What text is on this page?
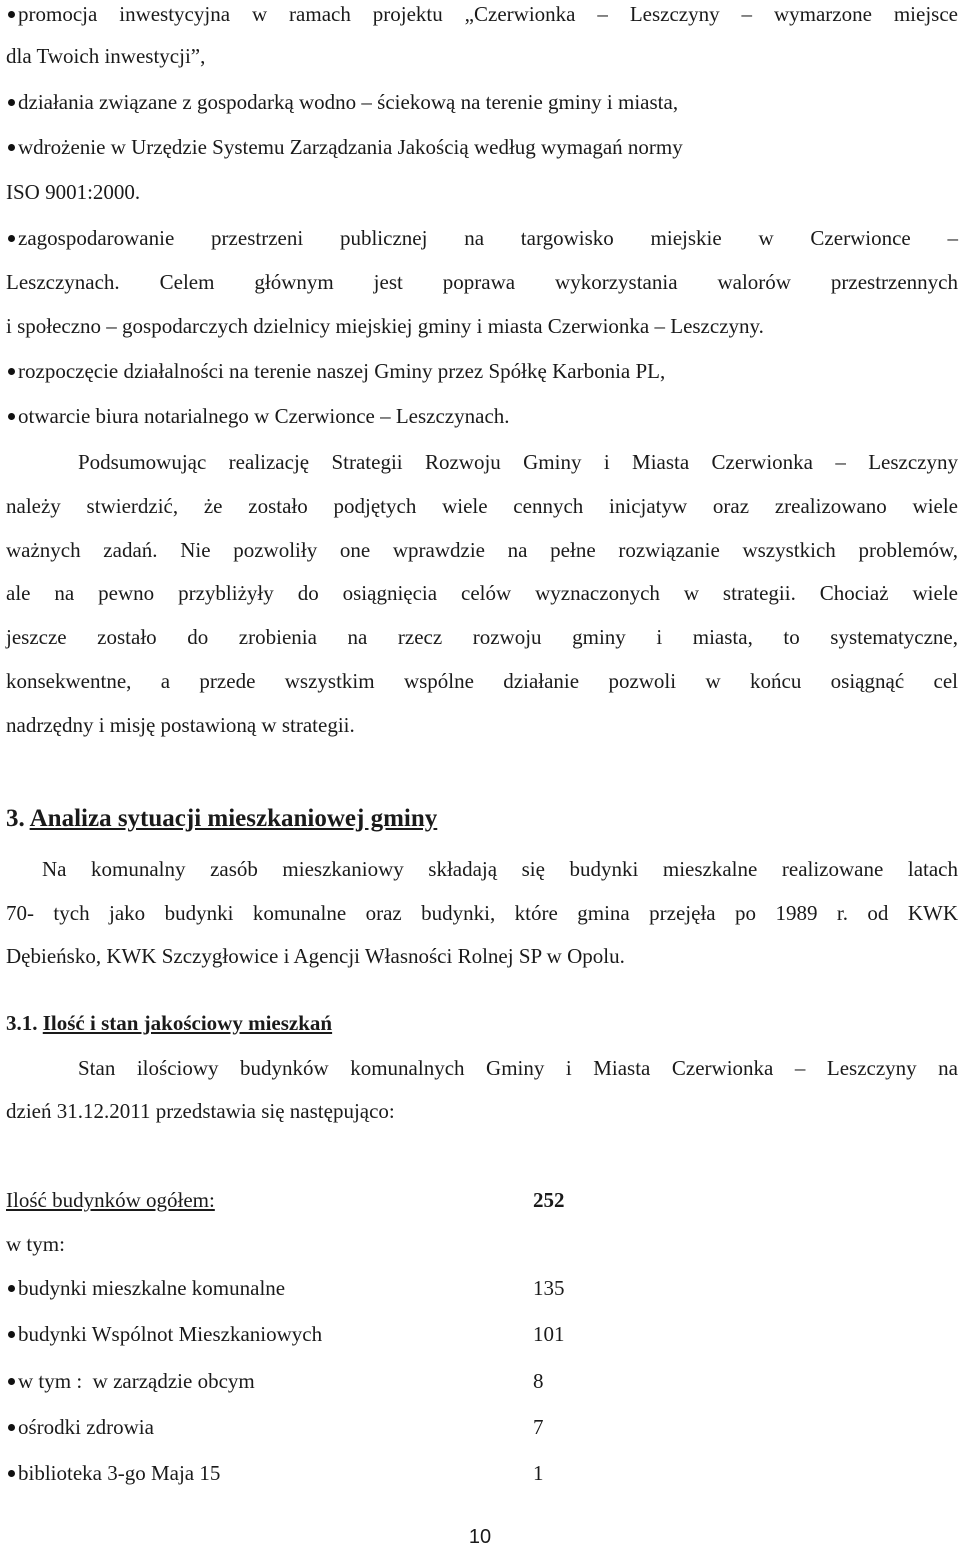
promocja inwestycyjna w ramach projektu „Czerwionka – Leszczyny – wymarzone miejsce
dla Twoich inwestycji”,
działania związane z gospodarką wodno – ściekową na terenie gminy i miasta,
wdrożenie w Urzędzie Systemu Zarządzania Jakością według wymagań normy
ISO 9001:2000.
zagospodarowanie przestrzeni publicznej na targowisko miejskie w Czerwionce –
Leszczynach. Celem głównym jest poprawa wykorzystania walorów przestrzennych
i społeczno – gospodarczych dzielnicy miejskiej gminy i miasta Czerwionka – Leszczyny.
rozpoczęcie działalności na terenie naszej Gminy przez Spółkę Karbonia PL,
otwarcie biura notarialnego w Czerwionce – Leszczynach.
Podsumowując realizację Strategii Rozwoju Gminy i Miasta Czerwionka – Leszczyny
należy stwierdzić, że zostało podjętych wiele cennych inicjatyw oraz zrealizowano wiele
ważnych zadań. Nie pozwoliły one wprawdzie na pełne rozwiązanie wszystkich problemów,
ale na pewno przybliżyły do osiągnięcia celów wyznaczonych w strategii. Chociaż wiele
jeszcze zostało do zrobienia na rzecz rozwoju gminy i miasta, to systematyczne,
konsekwentne, a przede wszystkim wspólne działanie pozwoli w końcu osiągnąć cel
nadrzędny i misję postawioną w strategii.
3. Analiza sytuacji mieszkaniowej gminy
Na komunalny zasób mieszkaniowy składają się budynki mieszkalne realizowane latach
70- tych jako budynki komunalne oraz budynki, które gmina przejęła po 1989 r. od KWK
Dębieńsko, KWK Szczygłowice i Agencji Własności Rolnej SP w Opolu.
3.1. Ilość i stan jakościowy mieszkań
Stan ilościowy budynków komunalnych Gminy i Miasta Czerwionka – Leszczyny na
dzień 31.12.2011 przedstawia się następująco:
Ilość budynków ogółem:	252
w tym:
budynki mieszkalne komunalne	135
budynki Wspólnot Mieszkaniowych	101
w tym :  w zarządzie obcym	8
ośrodki zdrowia	7
biblioteka 3-go Maja 15	1
10
